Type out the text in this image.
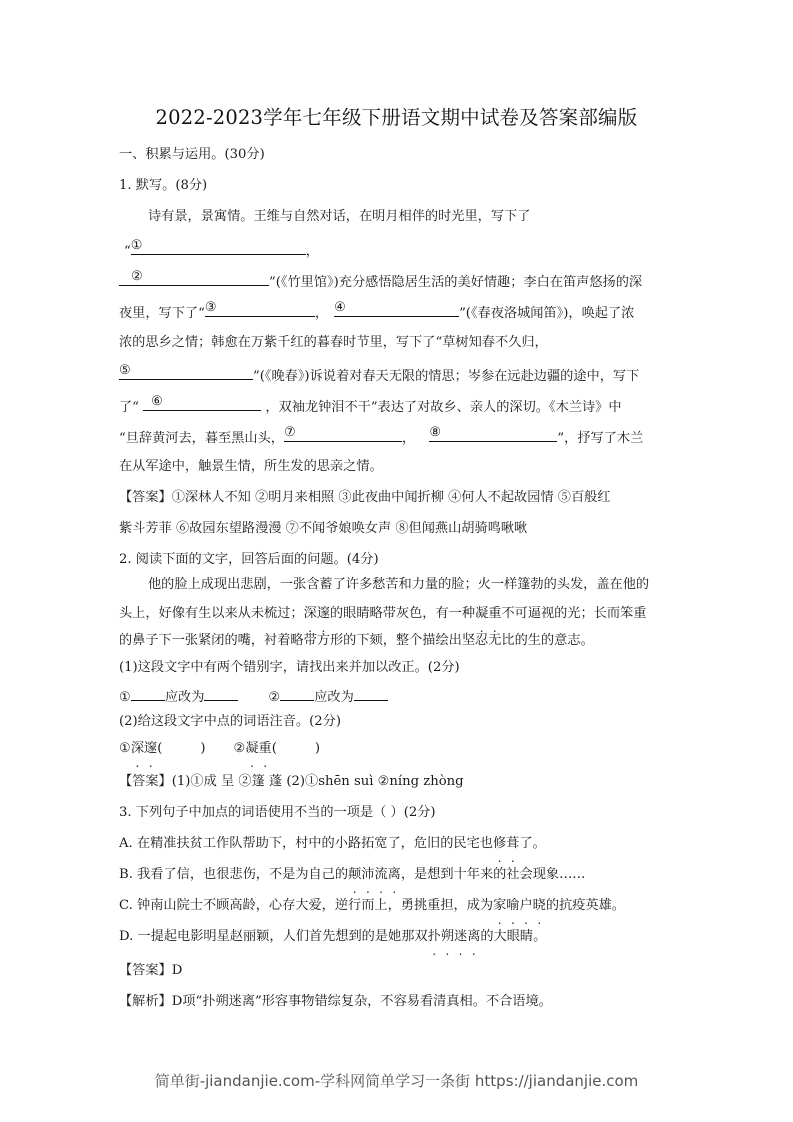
2022-2023学年七年级下册语文期中试卷及答案部编版
一、积累与运用。(30分)
1. 默写。(8分)
诗有景，景寓情。王维与自然对话，在明月相伴的时光里，写下了
“ ①	，
②	”(《竹里馆》)充分感悟隐居生活的美好情趣；李白在笛声悠扬的深
夜里，写下了“ ③	， ④	”(《春夜洛城闻笛》)，唤起了浓
浓的思乡之情；韩愈在万紫千红的暮春时节里，写下了“草树知春不久归，
⑤	”(《晚春》)诉说着对春天无限的情思；岑参在远赴边疆的途中，写下
了“ ⑥	，双袖龙钟泪不干”表达了对故乡、亲人的深切。《木兰诗》中
“旦辞黄河去，暮至黑山头， ⑦	， ⑧	”，抒写了木兰
在从军途中，触景生情，所生发的思亲之情。
【答案】①深林人不知 ②明月来相照 ③此夜曲中闻折柳 ④何人不起故园情 ⑤百般红
紫斗芳菲 ⑥故园东望路漫漫 ⑦不闻爷娘唤女声 ⑧但闻燕山胡骑鸣啾啾
2. 阅读下面的文字，回答后面的问题。(4分)
他的脸上成现出悲剧，一张含蓄了许多愁苦和力量的脸；火一样篷勃的头发，盖在他的
头上，好像有生以来从未梳过；深邃的眼睛略带灰色，有一种凝重不可逼视的光；长而笨重
的鼻子下一张紧闭的嘴，衬着略带方形的下颏，整个描绘出坚忍无比的生的意志。
(1)这段文字中有两个错别字，请找出来并加以改正。(2分)
①	应改为	②	应改为
(2)给这段文字中点的词语注音。(2分)
①深邃(	) ②凝重(	)
【答案】(1)①成 呈 ②篷 蓬 (2)①shēn suì ②níng zhòng
3. 下列句子中加点的词语使用不当的一项是（ ）(2分)
A. 在精准扶贫工作队帮助下，村中的小路拓宽了，危旧的民宅也修葺了。
B. 我看了信，也很悲伤，不是为自己的颠沛流离，是想到十年来的社会现象……
C. 钟南山院士不顾高龄，心存大爱，逆行而上，勇挑重担，成为家喻户晓的抗疫英雄。
D. 一提起电影明星赵丽颖，人们首先想到的是她那双扑朔迷离的大眼睛。
【答案】D
【解析】D项“扑朔迷离”形容事物错综复杂，不容易看清真相。不合语境。
简单街-jiandanjie.com-学科网简单学习一条街 https://jiandanjie.com
